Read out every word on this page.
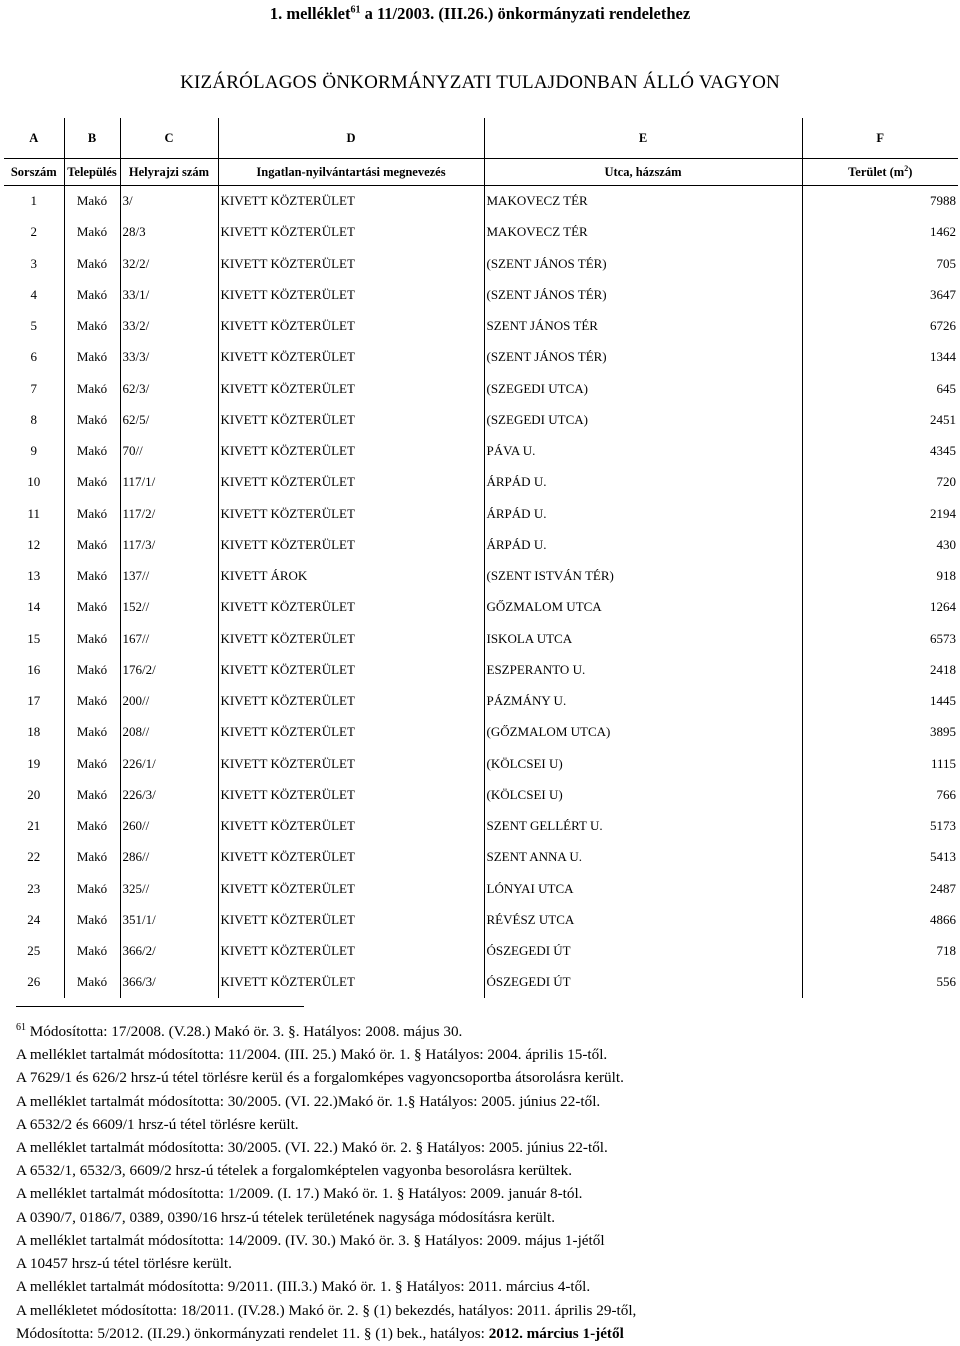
1. melléklet$^{61}$ a 11/2003. (III.26.) önkormányzati rendelethez
KIZÁRÓLAGOS ÖNKORMÁNYZATI TULAJDONBAN ÁLLÓ VAGYON
A	B	C	D	E	F
Sorszám	Település	Helyrajzi szám	Ingatlan-nyilvántartási megnevezés	Utca, házszám	Terület $(m^2)$
1	Makó	3/	KIVETT KÖZTERÜLET	MAKOVECZ TÉR	7988
2	Makó	28/3	KIVETT KÖZTERÜLET	MAKOVECZ TÉR	1462
3	Makó	32/2/	KIVETT KÖZTERÜLET	(SZENT JÁNOS TÉR)	705
4	Makó	33/1/	KIVETT KÖZTERÜLET	(SZENT JÁNOS TÉR)	3647
5	Makó	33/2/	KIVETT KÖZTERÜLET	SZENT JÁNOS TÉR	6726
6	Makó	33/3/	KIVETT KÖZTERÜLET	(SZENT JÁNOS TÉR)	1344
7	Makó	62/3/	KIVETT KÖZTERÜLET	(SZEGEDI UTCA)	645
8	Makó	62/5/	KIVETT KÖZTERÜLET	(SZEGEDI UTCA)	2451
9	Makó	70//	KIVETT KÖZTERÜLET	PÁVA U.	4345
10	Makó	117/1/	KIVETT KÖZTERÜLET	ÁRPÁD U.	720
11	Makó	117/2/	KIVETT KÖZTERÜLET	ÁRPÁD U.	2194
12	Makó	117/3/	KIVETT KÖZTERÜLET	ÁRPÁD U.	430
13	Makó	137//	KIVETT ÁROK	(SZENT ISTVÁN TÉR)	918
14	Makó	152//	KIVETT KÖZTERÜLET	GŐZMALOM UTCA	1264
15	Makó	167//	KIVETT KÖZTERÜLET	ISKOLA UTCA	6573
16	Makó	176/2/	KIVETT KÖZTERÜLET	ESZPERANTO U.	2418
17	Makó	200//	KIVETT KÖZTERÜLET	PÁZMÁNY U.	1445
18	Makó	208//	KIVETT KÖZTERÜLET	(GŐZMALOM UTCA)	3895
19	Makó	226/1/	KIVETT KÖZTERÜLET	(KÖLCSEI U)	1115
20	Makó	226/3/	KIVETT KÖZTERÜLET	(KÖLCSEI U)	766
21	Makó	260//	KIVETT KÖZTERÜLET	SZENT GELLÉRT U.	5173
22	Makó	286//	KIVETT KÖZTERÜLET	SZENT ANNA U.	5413
23	Makó	325//	KIVETT KÖZTERÜLET	LÓNYAI UTCA	2487
24	Makó	351/1/	KIVETT KÖZTERÜLET	RÉVÉSZ UTCA	4866
25	Makó	366/2/	KIVETT KÖZTERÜLET	ÓSZEGEDI ÚT	718
26	Makó	366/3/	KIVETT KÖZTERÜLET	ÓSZEGEDI ÚT	556
$^{61}$ Módosította: 17/2008. (V.28.) Makó ör. 3. §. Hatályos: 2008. május 30.
A melléklet tartalmát módosította: 11/2004. (III. 25.) Makó ör. 1. § Hatályos: 2004. április 15-től.
A 7629/1 és 626/2 hrsz-ú tétel törlésre kerül és a forgalomképes vagyoncsoportba átsorolásra került.
A melléklet tartalmát módosította: 30/2005. (VI. 22.)Makó ör. 1.§ Hatályos: 2005. június 22-től.
A 6532/2 és 6609/1 hrsz-ú tétel törlésre került.
A melléklet tartalmát módosította: 30/2005. (VI. 22.) Makó ör. 2. § Hatályos: 2005. június 22-től.
A 6532/1, 6532/3, 6609/2 hrsz-ú tételek a forgalomképtelen vagyonba besorolásra kerültek.
A melléklet tartalmát módosította: 1/2009. (I. 17.) Makó ör. 1. § Hatályos: 2009. január 8-tól.
A 0390/7, 0186/7, 0389, 0390/16 hrsz-ú tételek területének nagysága módosításra került.
A melléklet tartalmát módosította: 14/2009. (IV. 30.) Makó ör. 3. § Hatályos: 2009. május 1-jétől
A 10457 hrsz-ú tétel törlésre került.
A melléklet tartalmát módosította: 9/2011. (III.3.) Makó ör. 1. § Hatályos: 2011. március 4-től.
A mellékletet módosította: 18/2011. (IV.28.) Makó ör. 2. § (1) bekezdés, hatályos: 2011. április 29-től,
Módosította: 5/2012. (II.29.) önkormányzati rendelet 11. § (1) bek., hatályos: 2012. március 1-jétől
